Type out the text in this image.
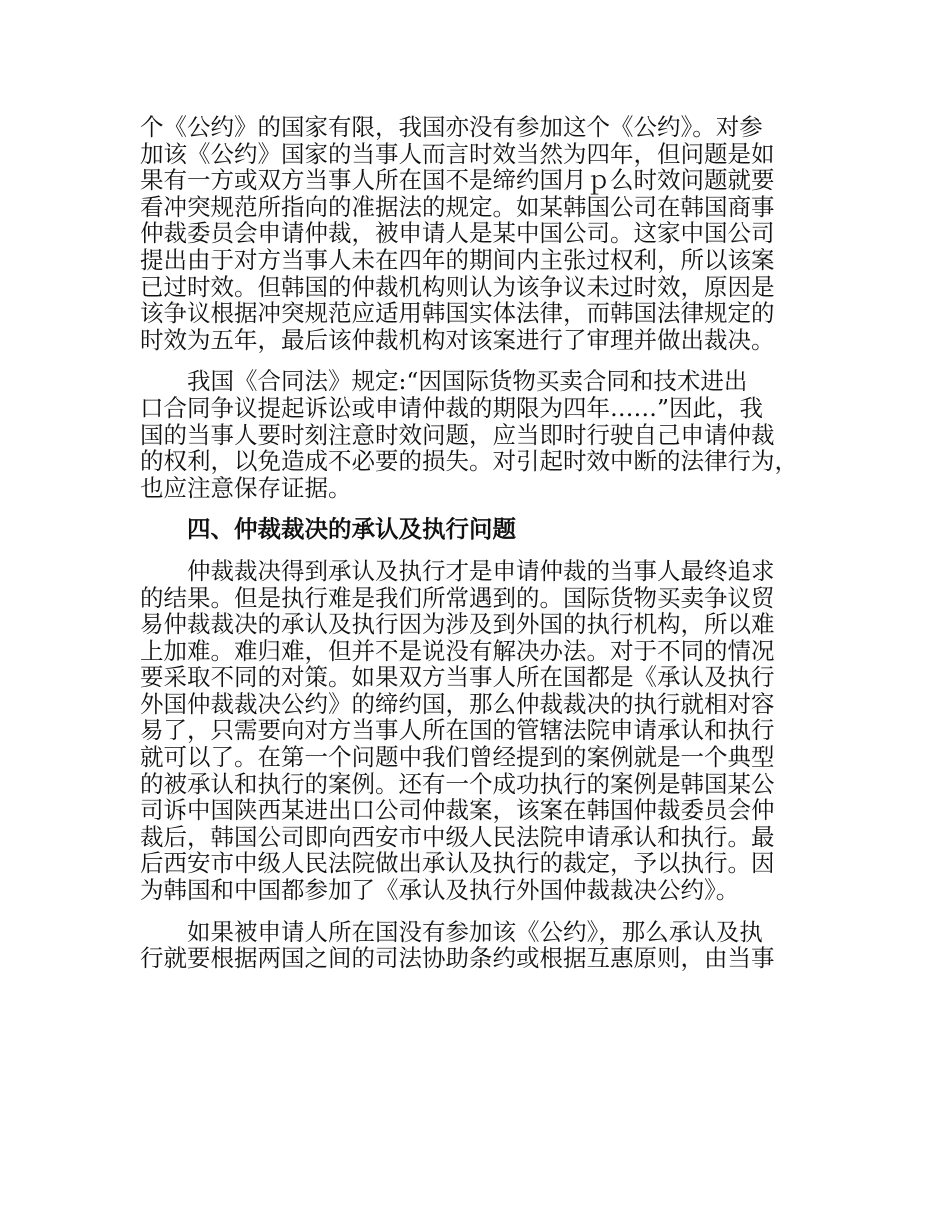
个《公约》的国家有限，我国亦没有参加这个《公约》。对参
加该《公约》国家的当事人而言时效当然为四年，但问题是如
果有一方或双方当事人所在国不是缔约国月ｐ么时效问题就要
看冲突规范所指向的准据法的规定。如某韩国公司在韩国商事
仲裁委员会申请仲裁，被申请人是某中国公司。这家中国公司
提出由于对方当事人未在四年的期间内主张过权利，所以该案
已过时效。但韩国的仲裁机构则认为该争议未过时效，原因是
该争议根据冲突规范应适用韩国实体法律，而韩国法律规定的
时效为五年，最后该仲裁机构对该案进行了审理并做出裁决。
我国《合同法》规定:“因国际货物买卖合同和技术进出
口合同争议提起诉讼或申请仲裁的期限为四年……”因此，我
国的当事人要时刻注意时效问题，应当即时行驶自己申请仲裁
的权利，以免造成不必要的损失。对引起时效中断的法律行为，
也应注意保存证据。
四、仲裁裁决的承认及执行问题
仲裁裁决得到承认及执行才是申请仲裁的当事人最终追求
的结果。但是执行难是我们所常遇到的。国际货物买卖争议贸
易仲裁裁决的承认及执行因为涉及到外国的执行机构，所以难
上加难。难归难，但并不是说没有解决办法。对于不同的情况
要采取不同的对策。如果双方当事人所在国都是《承认及执行
外国仲裁裁决公约》的缔约国，那么仲裁裁决的执行就相对容
易了，只需要向对方当事人所在国的管辖法院申请承认和执行
就可以了。在第一个问题中我们曾经提到的案例就是一个典型
的被承认和执行的案例。还有一个成功执行的案例是韩国某公
司诉中国陕西某进出口公司仲裁案，该案在韩国仲裁委员会仲
裁后，韩国公司即向西安市中级人民法院申请承认和执行。最
后西安市中级人民法院做出承认及执行的裁定，予以执行。因
为韩国和中国都参加了《承认及执行外国仲裁裁决公约》。
如果被申请人所在国没有参加该《公约》，那么承认及执
行就要根据两国之间的司法协助条约或根据互惠原则，由当事
